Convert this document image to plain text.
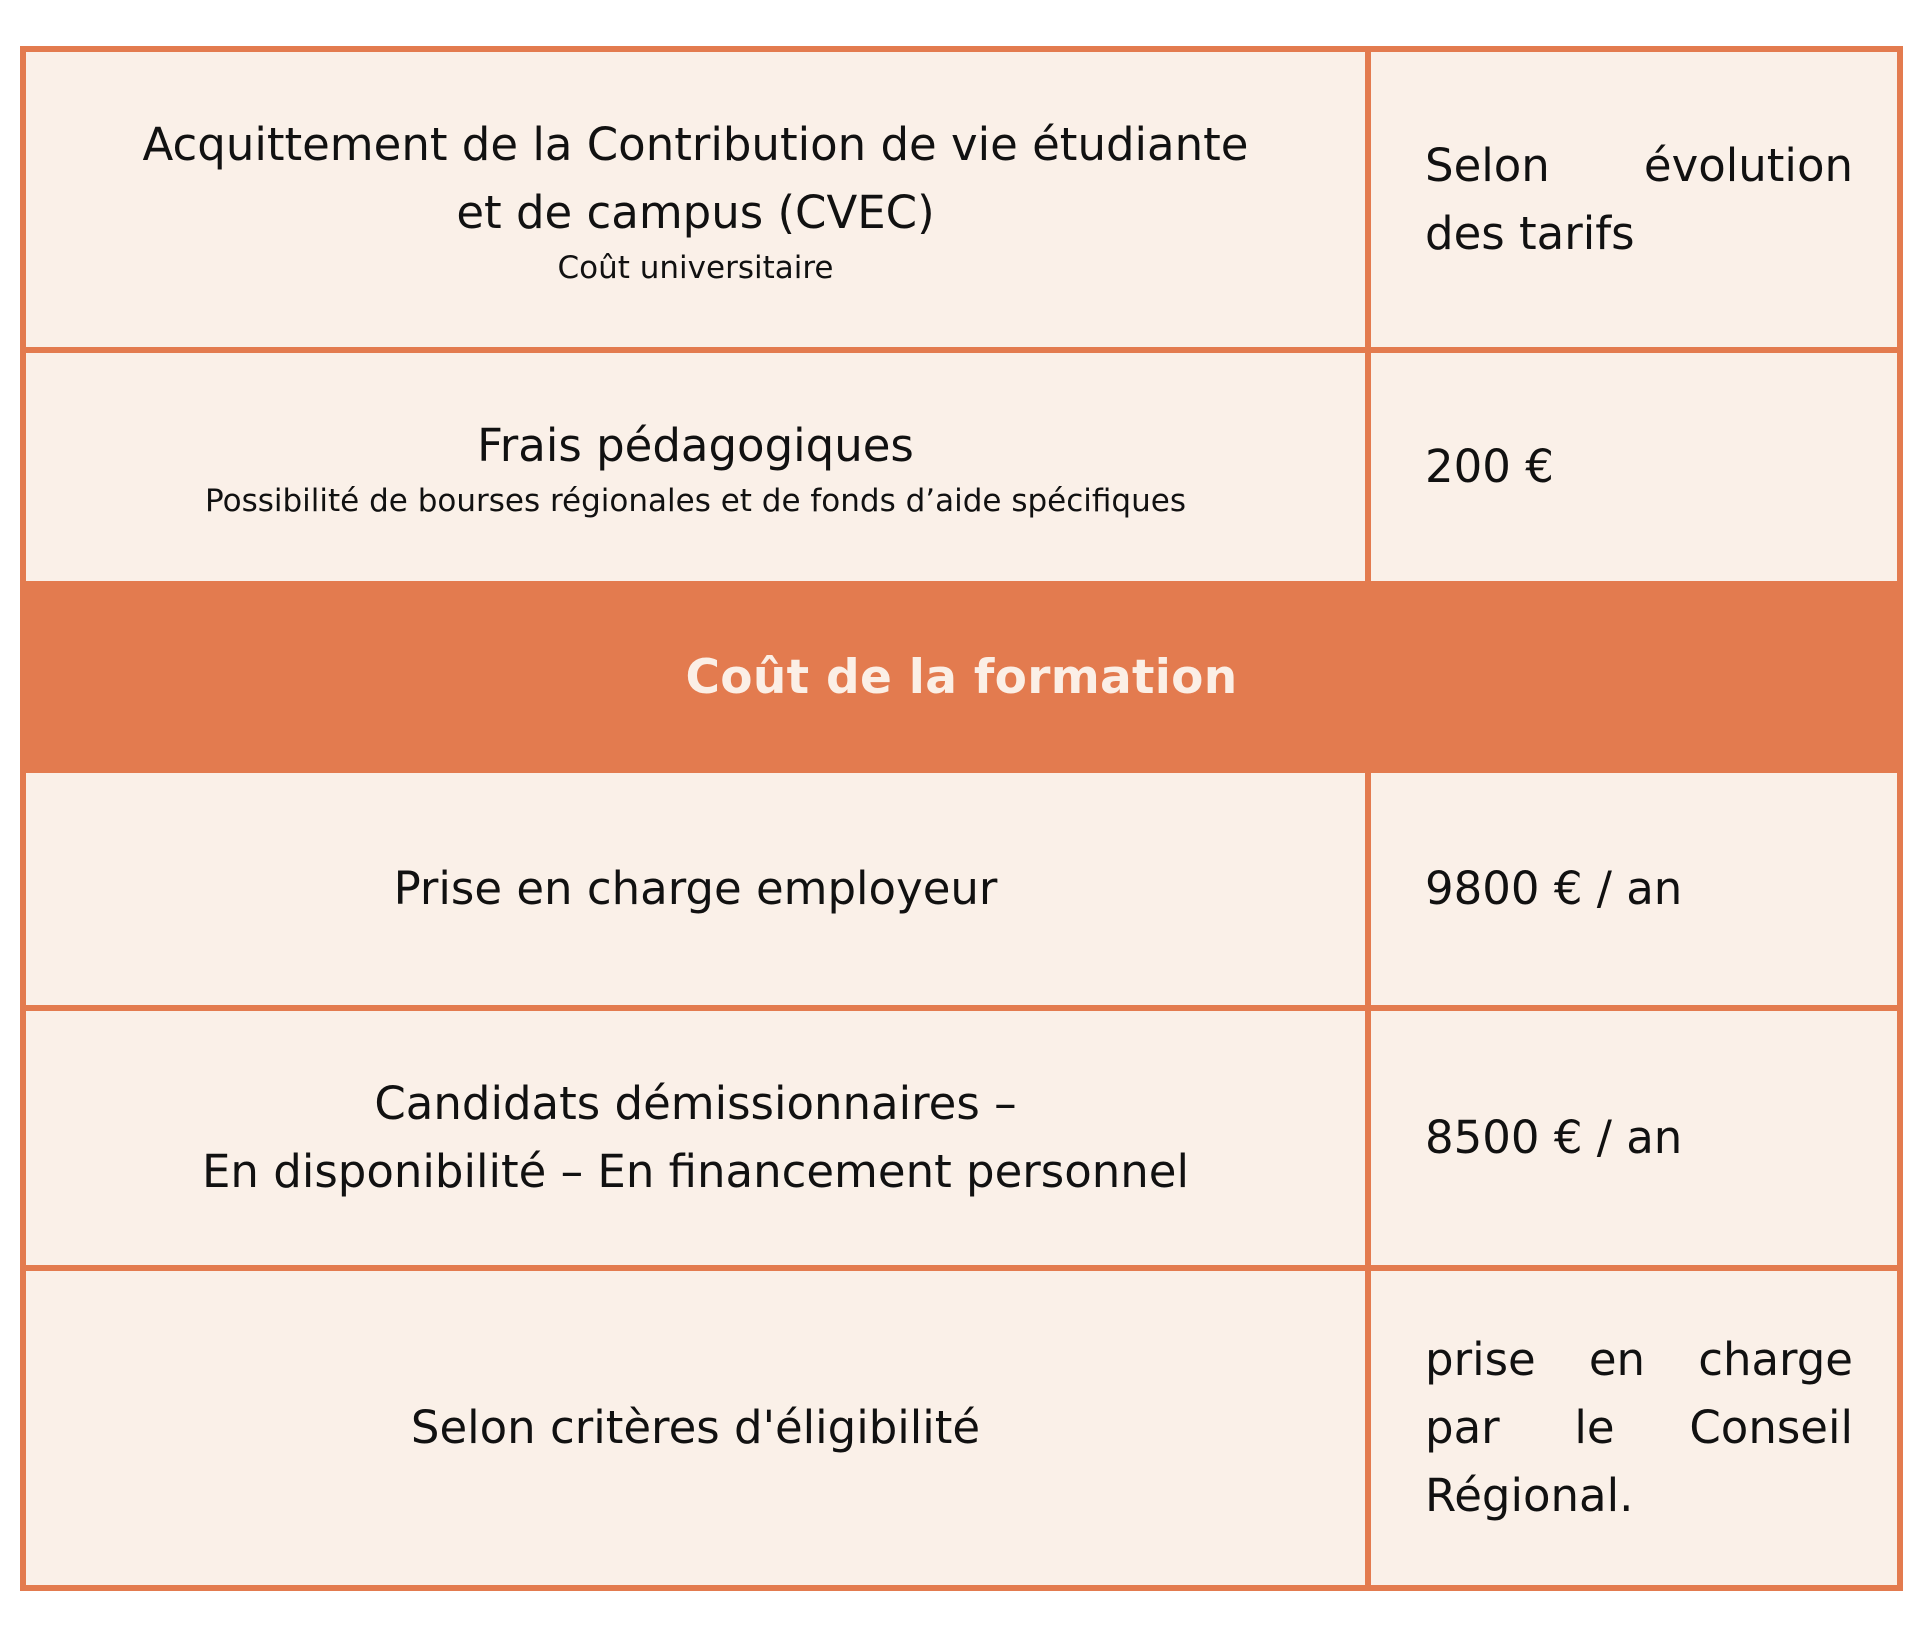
Acquittement de la Contribution de vie étudiante
et de campus (CVEC)
Coût universitaire
Selon évolution des tarifs
Frais pédagogiques
Possibilité de bourses régionales et de fonds d’aide spécifiques
200 €
Coût de la formation
Prise en charge employeur	9800 € / an
Candidats démissionnaires –
En disponibilité – En financement personnel
8500 € / an
Selon critères d'éligibilité
prise en charge par le Conseil Régional.
